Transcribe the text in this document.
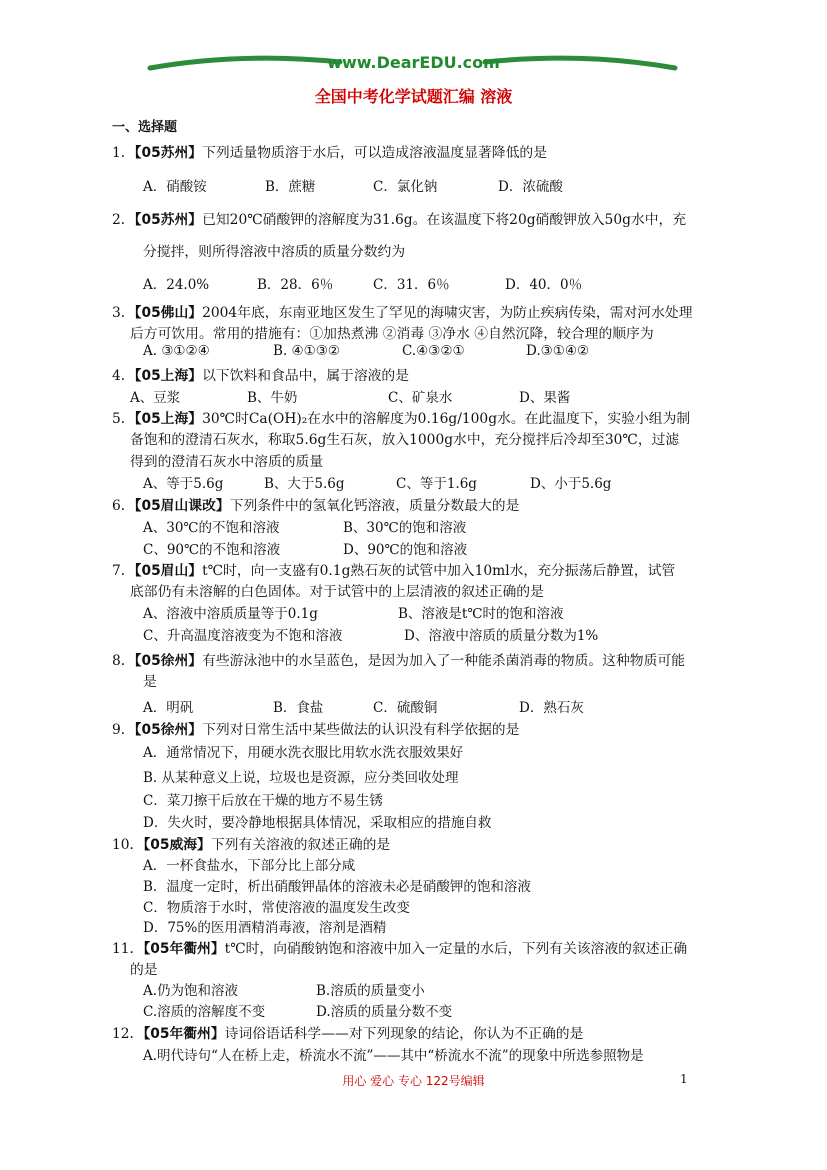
www.DearEDU.com
全国中考化学试题汇编 溶液
一、选择题
1．【05苏州】下列适量物质溶于水后，可以造成溶液温度显著降低的是
A．硝酸铵	B．蔗糖	C．氯化钠	D．浓硫酸
2．【05苏州】已知20℃硝酸钾的溶解度为31.6g。在该温度下将20g硝酸钾放入50g水中，充
分搅拌，则所得溶液中溶质的质量分数约为
A．24.0%	B．28．6％	C．31．6％	D．40．0％
3．【05佛山】2004年底，东南亚地区发生了罕见的海啸灾害，为防止疾病传染，需对河水处理
后方可饮用。常用的措施有：①加热煮沸 ②消毒 ③净水 ④自然沉降，较合理的顺序为
A. ③①②④	B. ④①③②	C.④③②①	D.③①④②
4．【05上海】以下饮料和食品中，属于溶液的是
A、豆浆	B、牛奶	C、矿泉水	D、果酱
5．【05上海】30℃时Ca(OH)₂在水中的溶解度为0.16g/100g水。在此温度下，实验小组为制
备饱和的澄清石灰水，称取5.6g生石灰，放入1000g水中，充分搅拌后冷却至30℃，过滤
得到的澄清石灰水中溶质的质量
A、等于5.6g	B、大于5.6g	C、等于1.6g	D、小于5.6g
6．【05眉山课改】下列条件中的氢氧化钙溶液，质量分数最大的是
A、30℃的不饱和溶液	B、30℃的饱和溶液
C、90℃的不饱和溶液	D、90℃的饱和溶液
7．【05眉山】t℃时，向一支盛有0.1g熟石灰的试管中加入10ml水，充分振荡后静置，试管
底部仍有未溶解的白色固体。对于试管中的上层清液的叙述正确的是
A、溶液中溶质质量等于0.1g	B、溶液是t℃时的饱和溶液
C、升高温度溶液变为不饱和溶液	D、溶液中溶质的质量分数为1%
8．【05徐州】有些游泳池中的水呈蓝色，是因为加入了一种能杀菌消毒的物质。这种物质可能
是
A．明矾	B．食盐	C．硫酸铜	D．熟石灰
9．【05徐州】下列对日常生活中某些做法的认识没有科学依据的是
A．通常情况下，用硬水洗衣服比用软水洗衣服效果好
B. 从某种意义上说，垃圾也是资源，应分类回收处理
C．菜刀擦干后放在干燥的地方不易生锈
D．失火时，要冷静地根据具体情况，采取相应的措施自救
10．【05威海】下列有关溶液的叙述正确的是
A．一杯食盐水，下部分比上部分咸
B．温度一定时，析出硝酸钾晶体的溶液未必是硝酸钾的饱和溶液
C．物质溶于水时，常使溶液的温度发生改变
D．75%的医用酒精消毒液，溶剂是酒精
11．【05年衢州】t℃时，向硝酸钠饱和溶液中加入一定量的水后，下列有关该溶液的叙述正确
的是
A.仍为饱和溶液	B.溶质的质量变小
C.溶质的溶解度不变	D.溶质的质量分数不变
12．【05年衢州】诗词俗语话科学——对下列现象的结论，你认为不正确的是
A.明代诗句“人在桥上走，桥流水不流”——其中“桥流水不流”的现象中所选参照物是
用心 爱心 专心 122号编辑	1
